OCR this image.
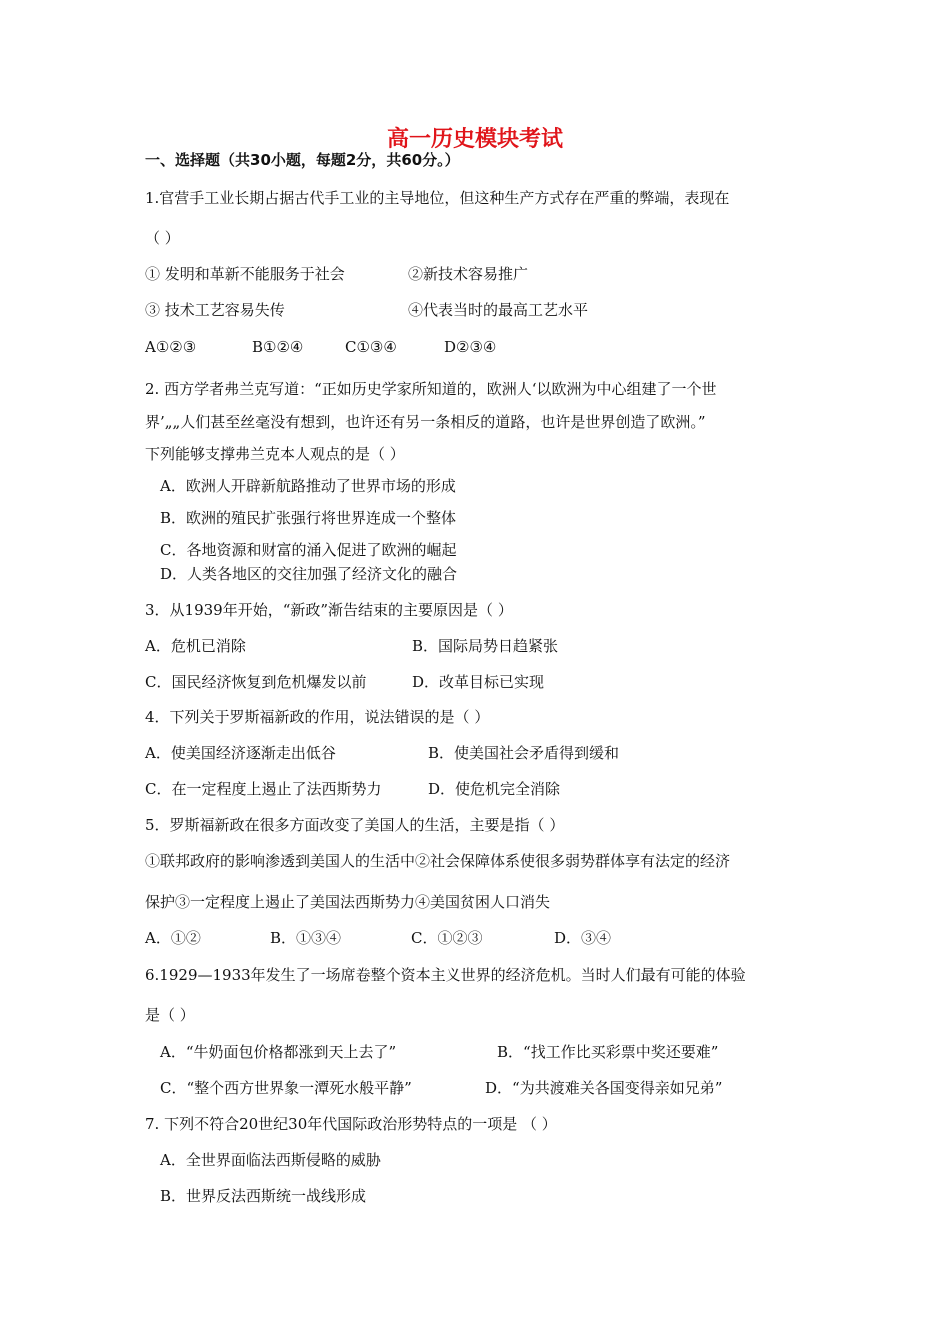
高一历史模块考试
一、选择题（共30小题，每题2分，共60分。）
1.官营手工业长期占据古代手工业的主导地位，但这种生产方式存在严重的弊端，表现在
（ ）
① 发明和革新不能服务于社会	②新技术容易推广
③ 技术工艺容易失传	④代表当时的最高工艺水平
A①②③	B①②④	C①③④	D②③④
2. 西方学者弗兰克写道：“正如历史学家所知道的，欧洲人‘以欧洲为中心组建了一个世
界’„„人们甚至丝毫没有想到，也许还有另一条相反的道路，也许是世界创造了欧洲。”
下列能够支撑弗兰克本人观点的是（ ）
A．欧洲人开辟新航路推动了世界市场的形成
B．欧洲的殖民扩张强行将世界连成一个整体
C．各地资源和财富的涌入促进了欧洲的崛起
D．人类各地区的交往加强了经济文化的融合
3．从1939年开始，“新政”渐告结束的主要原因是（ ）
A．危机已消除	B．国际局势日趋紧张
C．国民经济恢复到危机爆发以前	D．改革目标已实现
4．下列关于罗斯福新政的作用，说法错误的是（ ）
A．使美国经济逐渐走出低谷	B．使美国社会矛盾得到缓和
C．在一定程度上遏止了法西斯势力	D．使危机完全消除
5．罗斯福新政在很多方面改变了美国人的生活，主要是指（ ）
①联邦政府的影响渗透到美国人的生活中②社会保障体系使很多弱势群体享有法定的经济
保护③一定程度上遏止了美国法西斯势力④美国贫困人口消失
A．①②	B．①③④	C．①②③	D．③④
6.1929—1933年发生了一场席卷整个资本主义世界的经济危机。当时人们最有可能的体验
是（ ）
A．“牛奶面包价格都涨到天上去了”	B．“找工作比买彩票中奖还要难”
C．“整个西方世界象一潭死水般平静”	D．“为共渡难关各国变得亲如兄弟”
7. 下列不符合20世纪30年代国际政治形势特点的一项是 （ ）
A．全世界面临法西斯侵略的威胁
B．世界反法西斯统一战线形成
